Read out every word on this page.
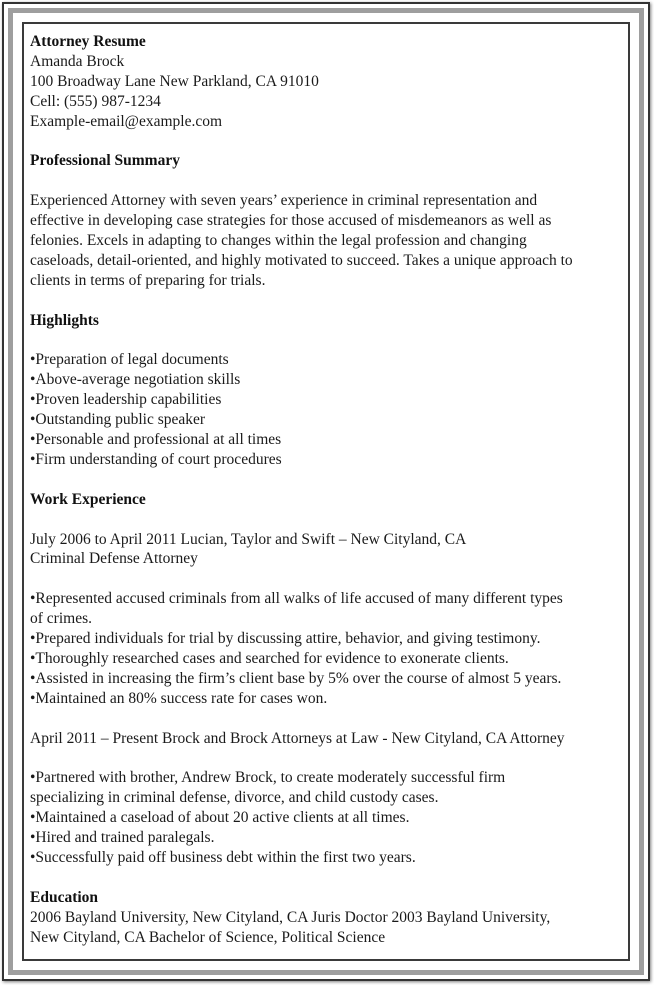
Attorney Resume

Amanda Brock

100 Broadway Lane New Parkland, CA 91010

Cell: (555) 987-1234

Example-email@example.com

Professional Summary

Experienced Attorney with seven years’ experience in criminal representation and

effective in developing case strategies for those accused of misdemeanors as well as

felonies. Excels in adapting to changes within the legal profession and changing

caseloads, detail-oriented, and highly motivated to succeed. Takes a unique approach to

clients in terms of preparing for trials.

Highlights

•Preparation of legal documents

•Above-average negotiation skills

•Proven leadership capabilities

•Outstanding public speaker

•Personable and professional at all times

•Firm understanding of court procedures

Work Experience

July 2006 to April 2011 Lucian, Taylor and Swift – New Cityland, CA

Criminal Defense Attorney

•Represented accused criminals from all walks of life accused of many different types

of crimes.

•Prepared individuals for trial by discussing attire, behavior, and giving testimony.

•Thoroughly researched cases and searched for evidence to exonerate clients.

•Assisted in increasing the firm’s client base by 5% over the course of almost 5 years.

•Maintained an 80% success rate for cases won.

April 2011 – Present Brock and Brock Attorneys at Law - New Cityland, CA Attorney

•Partnered with brother, Andrew Brock, to create moderately successful firm

specializing in criminal defense, divorce, and child custody cases.

•Maintained a caseload of about 20 active clients at all times.

•Hired and trained paralegals.

•Successfully paid off business debt within the first two years.

Education

2006 Bayland University, New Cityland, CA Juris Doctor 2003 Bayland University,

New Cityland, CA Bachelor of Science, Political Science
